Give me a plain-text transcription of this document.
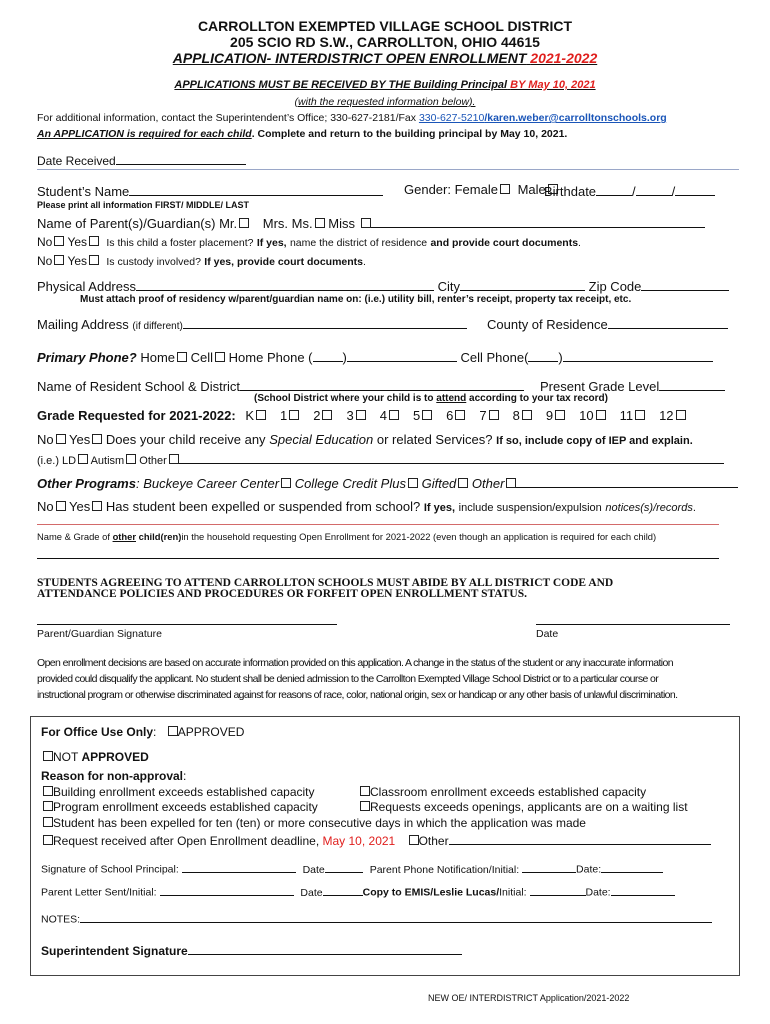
CARROLLTON EXEMPTED VILLAGE SCHOOL DISTRICT
205 SCIO RD S.W., CARROLLTON, OHIO 44615
APPLICATION- INTERDISTRICT OPEN ENROLLMENT 2021-2022
APPLICATIONS MUST BE RECEIVED BY THE Building Principal BY May 10, 2021
(with the requested information below).
For additional information, contact the Superintendent’s Office; 330-627-2181/Fax 330-627-5210/karen.weber@carrolltonschools.org
An APPLICATION is required for each child. Complete and return to the building principal by May 10, 2021.
Date Received
Student’s Name	Gender: Female Male
Birthdate	/	/
Please print all information FIRST/ MIDDLE/ LAST
Name of Parent(s)/Guardian(s) Mr. Mrs. Ms. Miss
No Yes Is this child a foster placement? If yes, name the district of residence and provide court documents.
No Yes Is custody involved? If yes, provide court documents.
Physical Address	City	Zip Code
Must attach proof of residency w/parent/guardian name on: (i.e.) utility bill, renter’s receipt, property tax receipt, etc.
Mailing Address (if different)	County of Residence
Primary Phone? Home Cell Home Phone ( )	Cell Phone( )
Name of Resident School & District	Present Grade Level
(School District where your child is to attend according to your tax record)
Grade Requested for 2021-2022: K 1 2 3 4 5 6 7 8 9 10 11 12
No Yes Does your child receive any Special Education or related Services? If so, include copy of IEP and explain.
(i.e.) LD Autism Other
Other Programs: Buckeye Career Center College Credit Plus Gifted Other
No Yes Has student been expelled or suspended from school? If yes, include suspension/expulsion notices(s)/records.
Name & Grade of other child(ren)in the household requesting Open Enrollment for 2021-2022 (even though an application is required for each child)
STUDENTS AGREEING TO ATTEND CARROLLTON SCHOOLS MUST ABIDE BY ALL DISTRICT CODE AND
ATTENDANCE POLICIES AND PROCEDURES OR FORFEIT OPEN ENROLLMENT STATUS.
Parent/Guardian Signature	Date
Open enrollment decisions are based on accurate information provided on this application. A change in the status of the student or any inaccurate information
provided could disqualify the applicant. No student shall be denied admission to the Carrollton Exempted Village School District or to a particular course or
instructional program or otherwise discriminated against for reasons of race, color, national origin, sex or handicap or any other basis of unlawful discrimination.
For Office Use Only: APPROVED
NOT APPROVED
Reason for non-approval:
Building enrollment exceeds established capacity	Classroom enrollment exceeds established capacity
Program enrollment exceeds established capacity	Requests exceeds openings, applicants are on a waiting list
Student has been expelled for ten (ten) or more consecutive days in which the application was made
Request received after Open Enrollment deadline, May 10, 2021 Other
Signature of School Principal:	Date	Parent Phone Notification/Initial:	Date:
Parent Letter Sent/Initial:	Date	Copy to EMIS/Leslie Lucas/Initial:	Date:
NOTES:
Superintendent Signature
NEW OE/ INTERDISTRICT Application/2021-2022
